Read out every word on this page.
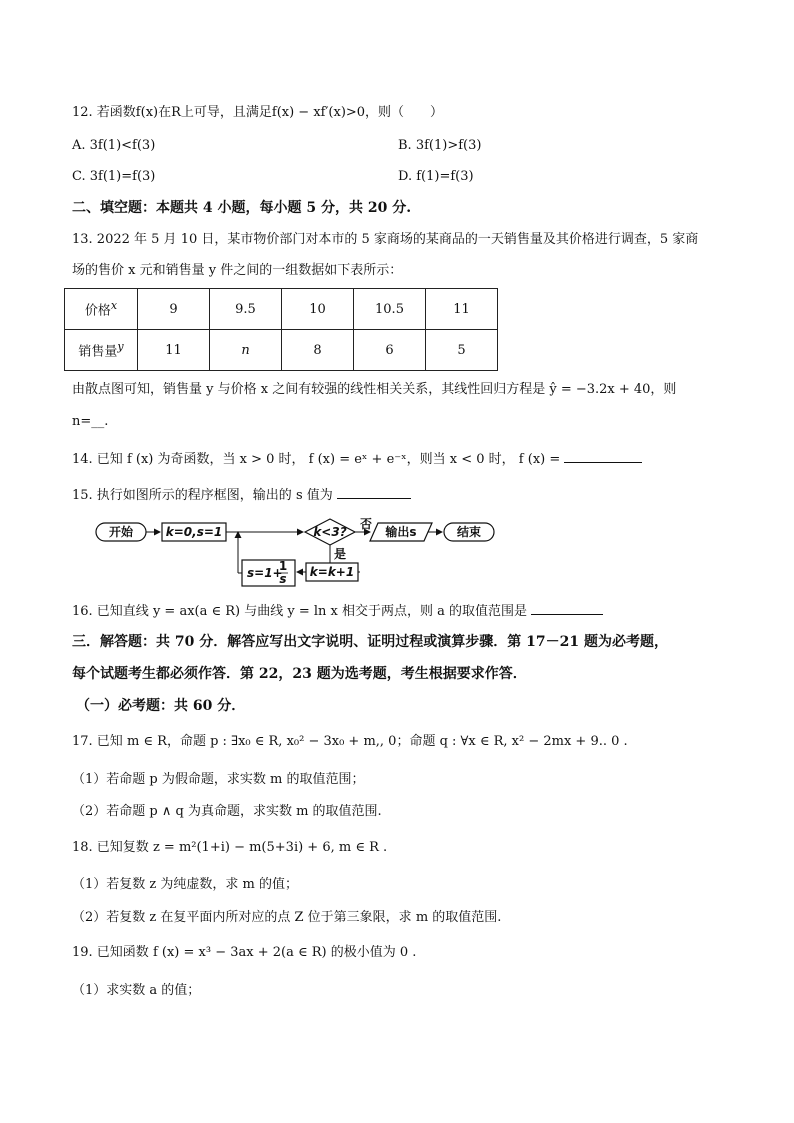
12. 若函数f(x)在R上可导，且满足f(x) − xf′(x)>0，则（　　）
A. 3f(1)<f(3)	B. 3f(1)>f(3)
C. 3f(1)=f(3)	D. f(1)=f(3)
二、填空题：本题共 4 小题，每小题 5 分，共 20 分.
13. 2022 年 5 月 10 日，某市物价部门对本市的 5 家商场的某商品的一天销售量及其价格进行调查，5 家商
场的售价 x 元和销售量 y 件之间的一组数据如下表所示：
价格$^x$	9	9.5	10	10.5	11
销售量$^y$	11	n	8	6	5
由散点图可知，销售量 y 与价格 x 之间有较强的线性相关关系，其线性回归方程是 ŷ = −3.2x + 40，则
n=__.
14. 已知 f (x) 为奇函数，当 x > 0 时， f (x) = eˣ + e⁻ˣ，则当 x < 0 时， f (x) =
15. 执行如图所示的程序框图，输出的 s 值为
开始	k=0,s=1	k<3?
否
输出s	结束
是
k=k+1
s=1+
1
s
16. 已知直线 y = ax(a ∈ R) 与曲线 y = ln x 相交于两点，则 a 的取值范围是
三．解答题：共 70 分．解答应写出文字说明、证明过程或演算步骤．第 17－21 题为必考题，
每个试题考生都必须作答．第 22，23 题为选考题，考生根据要求作答．
（一）必考题：共 60 分．
17. 已知 m ∈ R，命题 p : ∃x₀ ∈ R, x₀² − 3x₀ + m,, 0；命题 q : ∀x ∈ R, x² − 2mx + 9.. 0 .
（1）若命题 p 为假命题，求实数 m 的取值范围；
（2）若命题 p ∧ q 为真命题，求实数 m 的取值范围.
18. 已知复数 z = m²(1+i) − m(5+3i) + 6, m ∈ R .
（1）若复数 z 为纯虚数，求 m 的值；
（2）若复数 z 在复平面内所对应的点 Z 位于第三象限，求 m 的取值范围.
19. 已知函数 f (x) = x³ − 3ax + 2(a ∈ R) 的极小值为 0 .
（1）求实数 a 的值；
